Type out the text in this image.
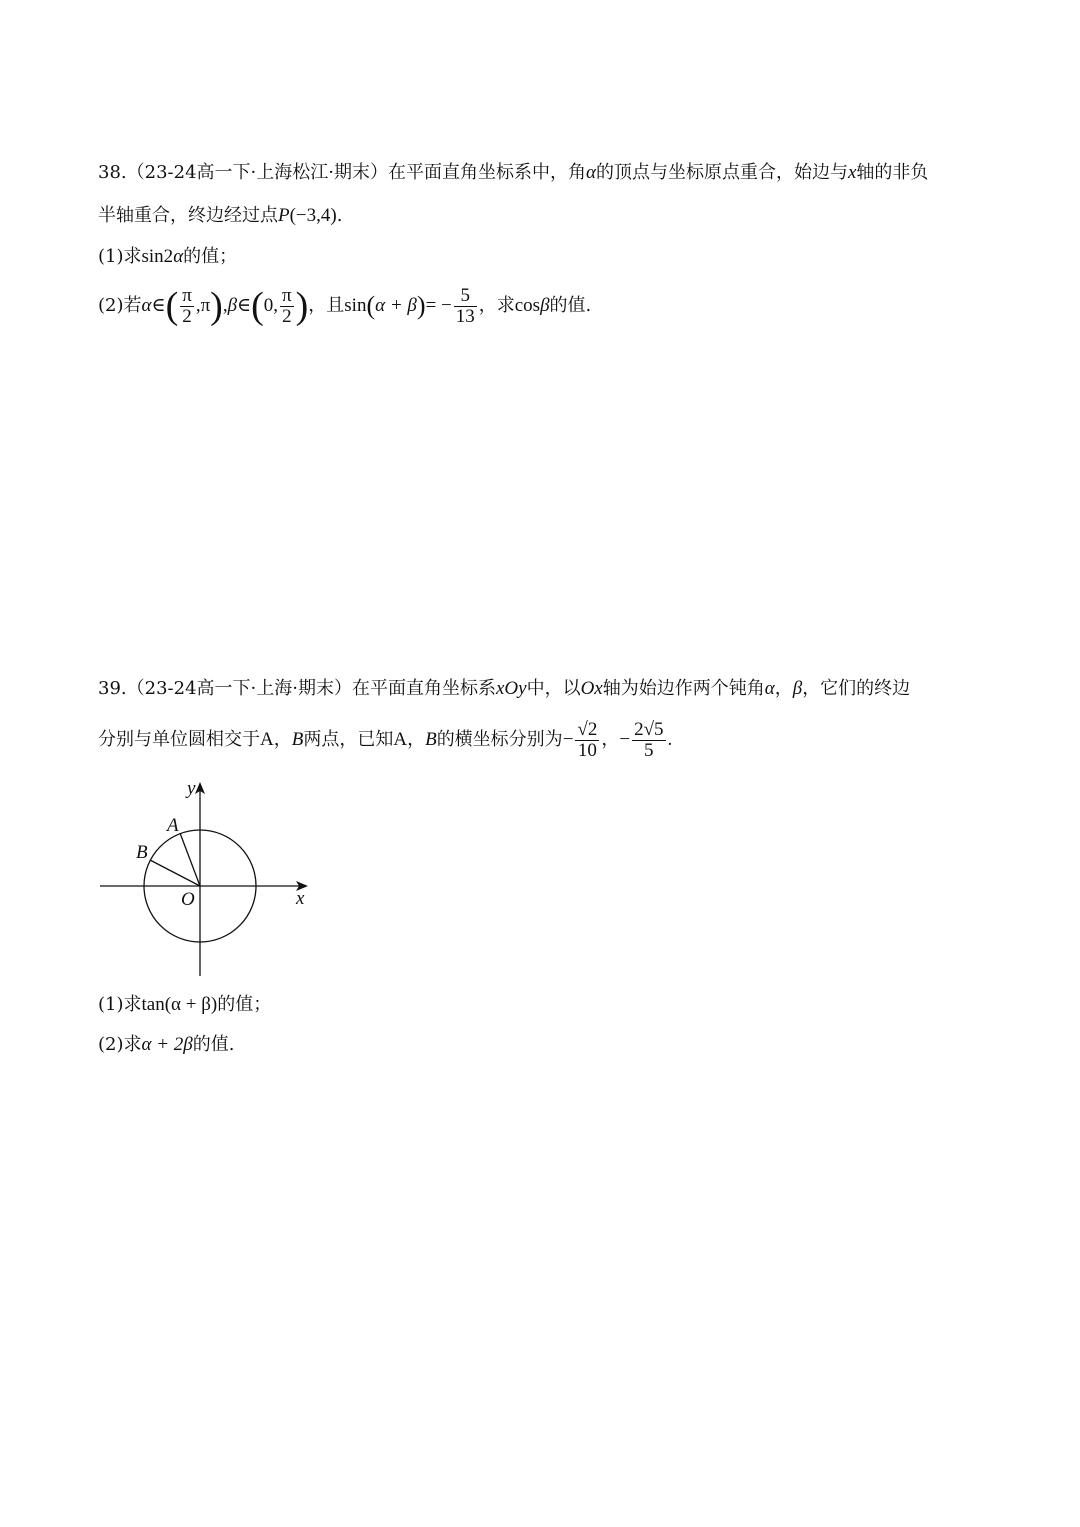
38.（23-24高一下·上海松江·期末）在平面直角坐标系中，角α的顶点与坐标原点重合，始边与x轴的非负
半轴重合，终边经过点P(−3,4).
(1)求sin2α的值；
(2)若α∈( $\frac{\pi}{2}$ ,π),β∈(0, $\frac{\pi}{2}$ )，且$\sin(\alpha + \beta)= - \frac{5}{13}$ ，求cosβ的值.
39.（23-24高一下·上海·期末）在平面直角坐标系xOy中，以Ox轴为始边作两个钝角α，β，它们的终边
分别与单位圆相交于A，B两点，已知A，B的横坐标分别为− $\frac{√2}{10}$ ，− $\frac{2√5}{5}$ .
y
A
B
O	x
(1)求tan(α + β)的值；
(2)求α + 2β的值.
